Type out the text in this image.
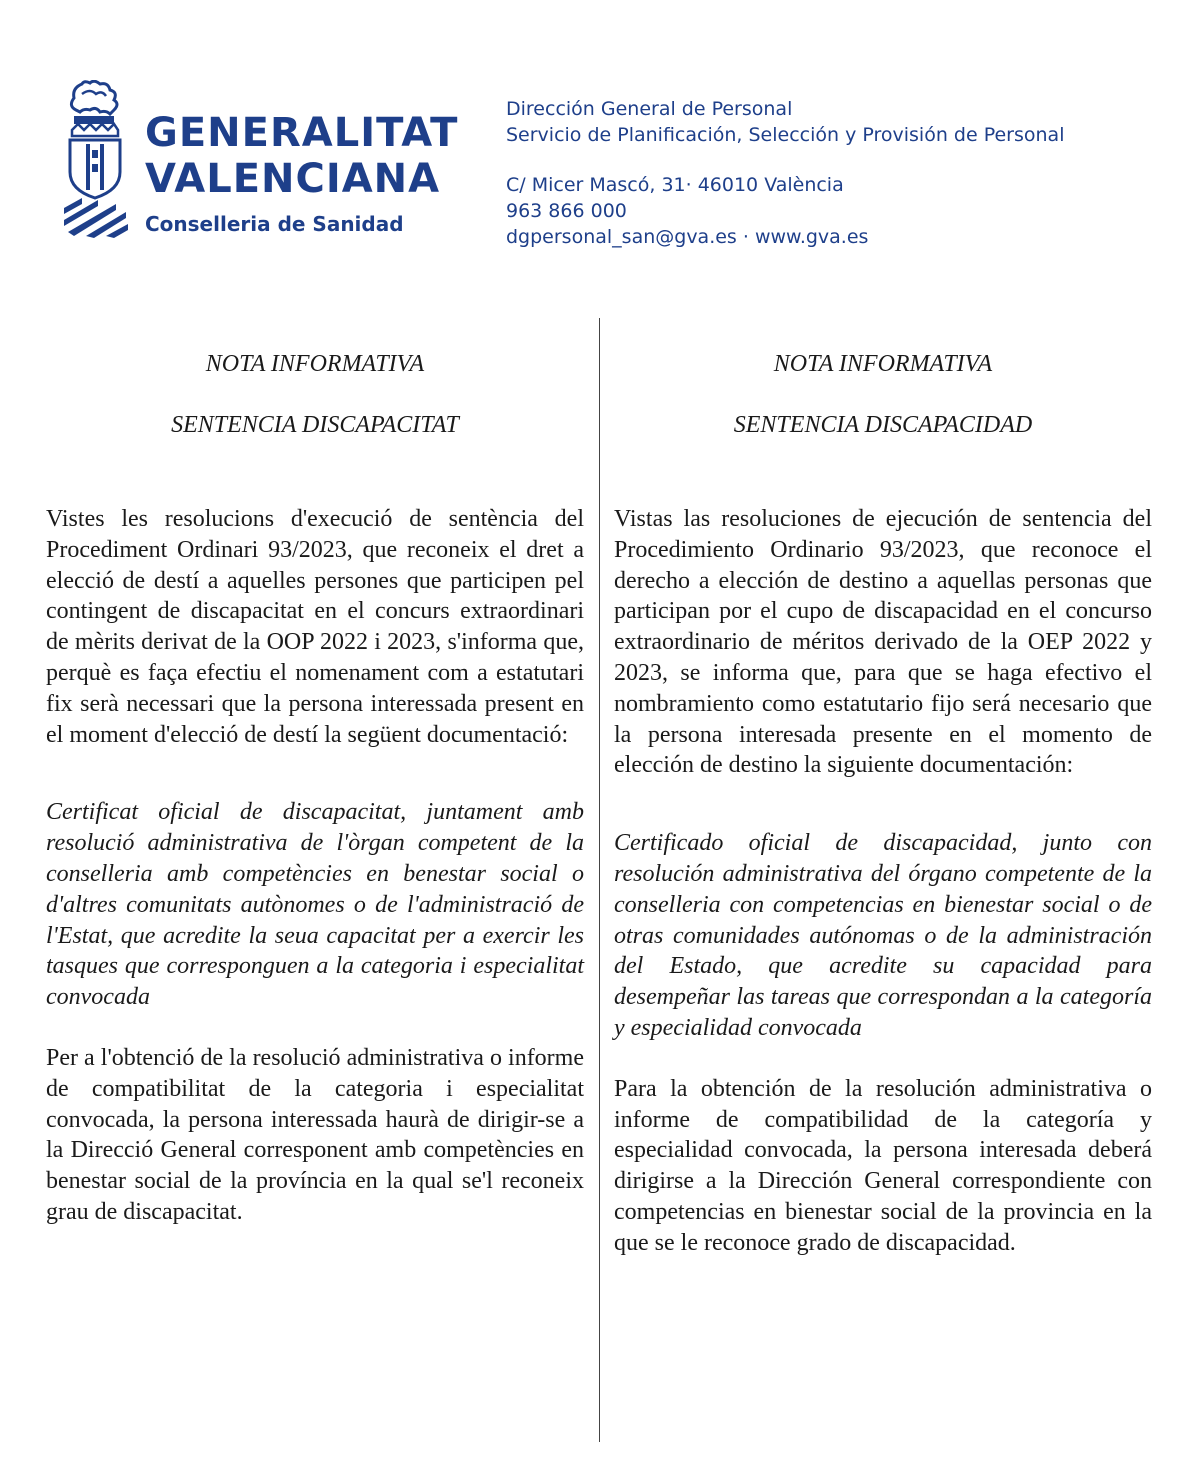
GENERALITAT
VALENCIANA
Conselleria de Sanidad
Dirección General de Personal
Servicio de Planificación, Selección y Provisión de Personal
C/ Micer Mascó, 31· 46010 València
963 866 000
dgpersonal_san@gva.es · www.gva.es

NOTA INFORMATIVA

SENTENCIA DISCAPACITAT

Vistes les resolucions d'execució de sentència del Procediment Ordinari 93/2023, que reconeix el dret a elecció de destí a aquelles persones que participen pel contingent de discapacitat en el concurs extraordinari de mèrits derivat de la OOP 2022 i 2023, s'informa que, perquè es faça efectiu el nomenament com a estatutari fix serà necessari que la persona interessada present en el moment d'elecció de destí la següent documentació:

Certificat oficial de discapacitat, juntament amb resolució administrativa de l'òrgan competent de la conselleria amb competències en benestar social o d'altres comunitats autònomes o de l'administració de l'Estat, que acredite la seua capacitat per a exercir les tasques que corresponguen a la categoria i especialitat convocada

Per a l'obtenció de la resolució administrativa o informe de compatibilitat de la categoria i especialitat convocada, la persona interessada haurà de dirigir-se a la Direcció General corresponent amb competències en benestar social de la província en la qual se'l reconeix grau de discapacitat.

NOTA INFORMATIVA

SENTENCIA DISCAPACIDAD

Vistas las resoluciones de ejecución de sentencia del Procedimiento Ordinario 93/2023, que reconoce el derecho a elección de destino a aquellas personas que participan por el cupo de discapacidad en el concurso extraordinario de méritos derivado de la OEP 2022 y 2023, se informa que, para que se haga efectivo el nombramiento como estatutario fijo será necesario que la persona interesada presente en el momento de elección de destino la siguiente documentación:

Certificado oficial de discapacidad, junto con resolución administrativa del órgano competente de la conselleria con competencias en bienestar social o de otras comunidades autónomas o de la administración del Estado, que acredite su capacidad para desempeñar las tareas que correspondan a la categoría y especialidad convocada

Para la obtención de la resolución administrativa o informe de compatibilidad de la categoría y especialidad convocada, la persona interesada deberá dirigirse a la Dirección General correspondiente con competencias en bienestar social de la provincia en la que se le reconoce grado de discapacidad.
